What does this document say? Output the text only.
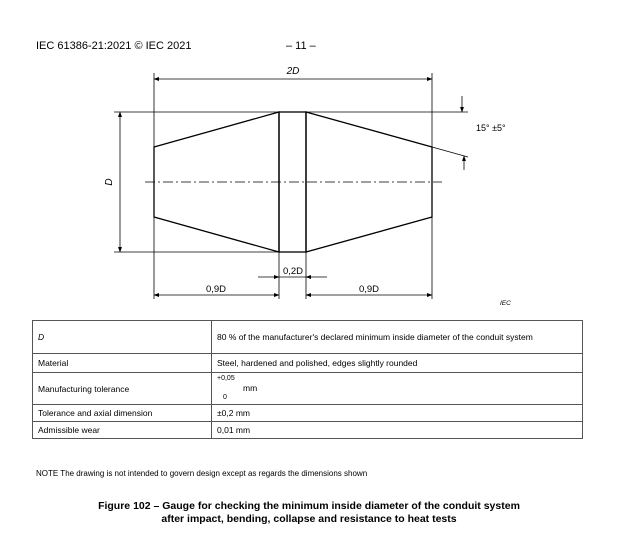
IEC 61386-21:2021 © IEC 2021	– 11 –
2D
D
0,2D
0,9D	0,9D
15° ±5°
IEC
D	80 % of the manufacturer's declared minimum inside diameter of the conduit system
Material	Steel, hardened and polished, edges slightly rounded
Manufacturing tolerance	+0,05
mm
0

Tolerance and axial dimension	±0,2 mm
Admissible wear	0,01 mm
NOTE The drawing is not intended to govern design except as regards the dimensions shown
Figure 102 – Gauge for checking the minimum inside diameter of the conduit system
after impact, bending, collapse and resistance to heat tests
